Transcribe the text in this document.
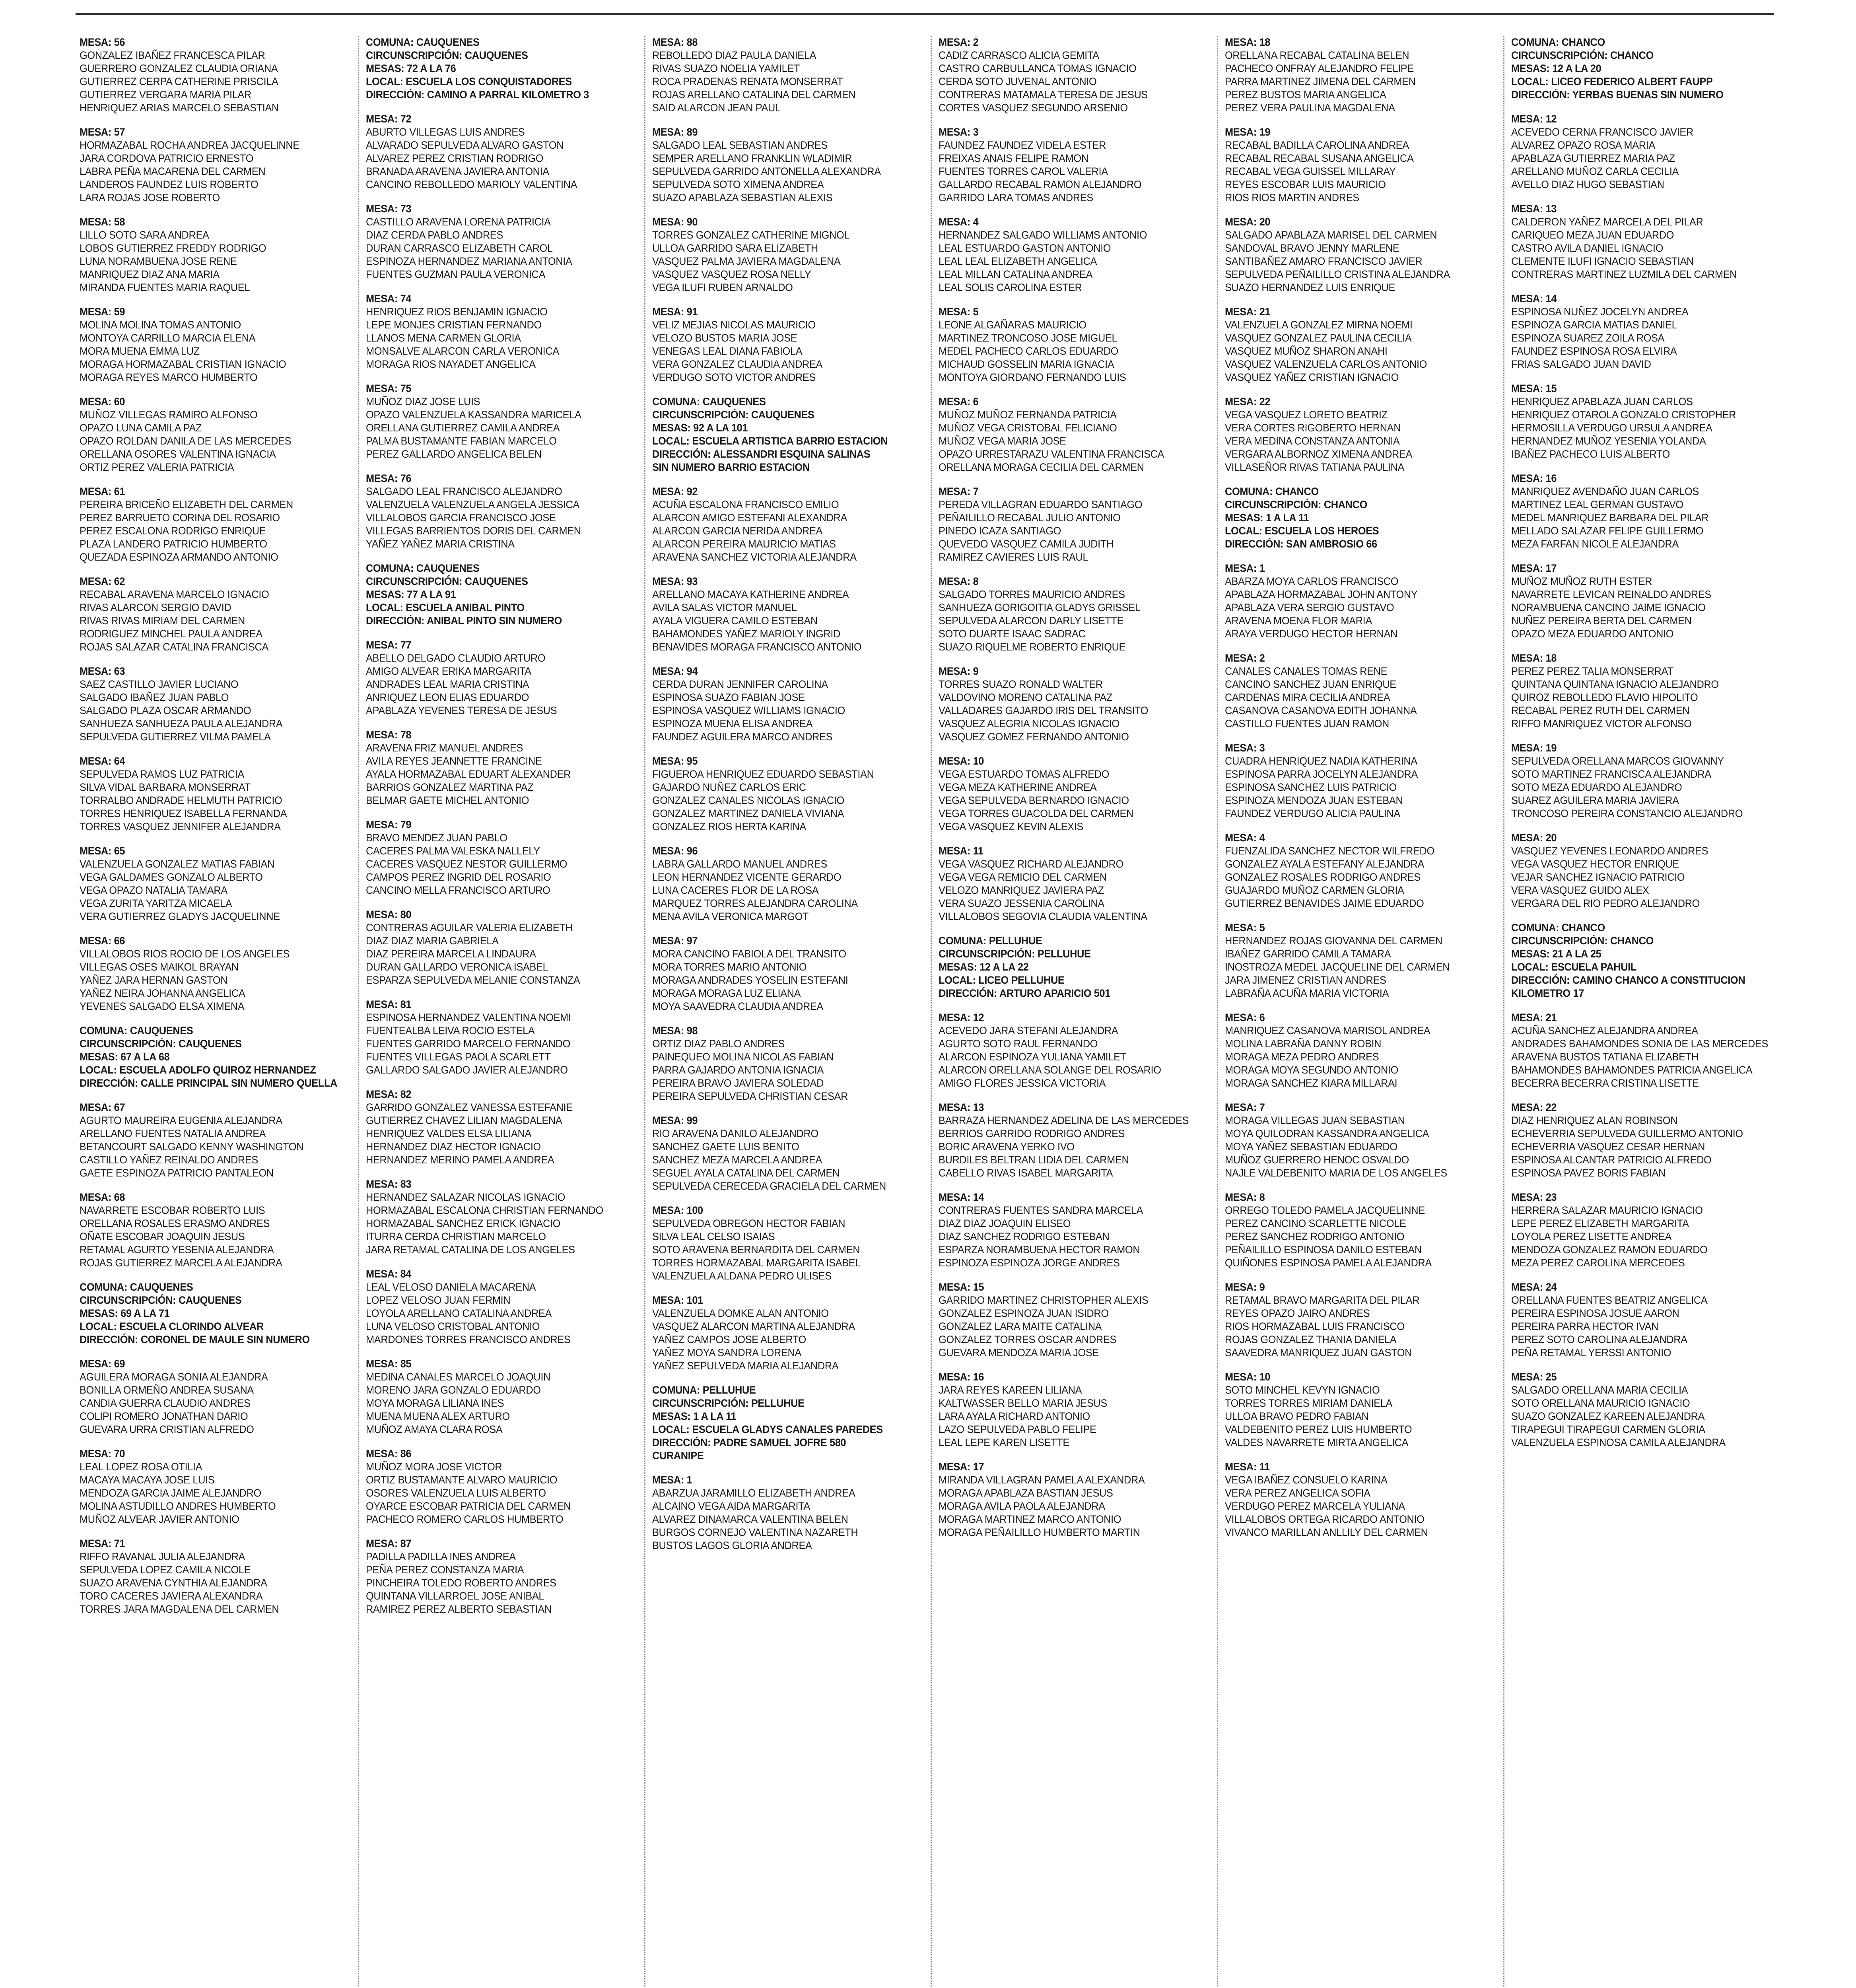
MESA: 56
GONZALEZ IBAÑEZ FRANCESCA PILAR
GUERRERO GONZALEZ CLAUDIA ORIANA
GUTIERREZ CERPA CATHERINE PRISCILA
GUTIERREZ VERGARA MARIA PILAR
HENRIQUEZ ARIAS MARCELO SEBASTIAN
MESA: 57
HORMAZABAL ROCHA ANDREA JACQUELINNE
JARA CORDOVA PATRICIO ERNESTO
LABRA PEÑA MACARENA DEL CARMEN
LANDEROS FAUNDEZ LUIS ROBERTO
LARA ROJAS JOSE ROBERTO
MESA: 58
LILLO SOTO SARA ANDREA
LOBOS GUTIERREZ FREDDY RODRIGO
LUNA NORAMBUENA JOSE RENE
MANRIQUEZ DIAZ ANA MARIA
MIRANDA FUENTES MARIA RAQUEL
MESA: 59
MOLINA MOLINA TOMAS ANTONIO
MONTOYA CARRILLO MARCIA ELENA
MORA MUENA EMMA LUZ
MORAGA HORMAZABAL CRISTIAN IGNACIO
MORAGA REYES MARCO HUMBERTO
MESA: 60
MUÑOZ VILLEGAS RAMIRO ALFONSO
OPAZO LUNA CAMILA PAZ
OPAZO ROLDAN DANILA DE LAS MERCEDES
ORELLANA OSORES VALENTINA IGNACIA
ORTIZ PEREZ VALERIA PATRICIA
MESA: 61
PEREIRA BRICEÑO ELIZABETH DEL CARMEN
PEREZ BARRUETO CORINA DEL ROSARIO
PEREZ ESCALONA RODRIGO ENRIQUE
PLAZA LANDERO PATRICIO HUMBERTO
QUEZADA ESPINOZA ARMANDO ANTONIO
MESA: 62
RECABAL ARAVENA MARCELO IGNACIO
RIVAS ALARCON SERGIO DAVID
RIVAS RIVAS MIRIAM DEL CARMEN
RODRIGUEZ MINCHEL PAULA ANDREA
ROJAS SALAZAR CATALINA FRANCISCA
MESA: 63
SAEZ CASTILLO JAVIER LUCIANO
SALGADO IBAÑEZ JUAN PABLO
SALGADO PLAZA OSCAR ARMANDO
SANHUEZA SANHUEZA PAULA ALEJANDRA
SEPULVEDA GUTIERREZ VILMA PAMELA
MESA: 64
SEPULVEDA RAMOS LUZ PATRICIA
SILVA VIDAL BARBARA MONSERRAT
TORRALBO ANDRADE HELMUTH PATRICIO
TORRES HENRIQUEZ ISABELLA FERNANDA
TORRES VASQUEZ JENNIFER ALEJANDRA
MESA: 65
VALENZUELA GONZALEZ MATIAS FABIAN
VEGA GALDAMES GONZALO ALBERTO
VEGA OPAZO NATALIA TAMARA
VEGA ZURITA YARITZA MICAELA
VERA GUTIERREZ GLADYS JACQUELINNE
MESA: 66
VILLALOBOS RIOS ROCIO DE LOS ANGELES
VILLEGAS OSES MAIKOL BRAYAN
YAÑEZ JARA HERNAN GASTON
YAÑEZ NEIRA JOHANNA ANGELICA
YEVENES SALGADO ELSA XIMENA
COMUNA: CAUQUENES
CIRCUNSCRIPCIÓN: CAUQUENES
MESAS: 67 A LA 68
LOCAL: ESCUELA ADOLFO QUIROZ HERNANDEZ
DIRECCIÓN: CALLE PRINCIPAL SIN NUMERO QUELLA
MESA: 67
AGURTO MAUREIRA EUGENIA ALEJANDRA
ARELLANO FUENTES NATALIA ANDREA
BETANCOURT SALGADO KENNY WASHINGTON
CASTILLO YAÑEZ REINALDO ANDRES
GAETE ESPINOZA PATRICIO PANTALEON
MESA: 68
NAVARRETE ESCOBAR ROBERTO LUIS
ORELLANA ROSALES ERASMO ANDRES
OÑATE ESCOBAR JOAQUIN JESUS
RETAMAL AGURTO YESENIA ALEJANDRA
ROJAS GUTIERREZ MARCELA ALEJANDRA
COMUNA: CAUQUENES
CIRCUNSCRIPCIÓN: CAUQUENES
MESAS: 69 A LA 71
LOCAL: ESCUELA CLORINDO ALVEAR
DIRECCIÓN: CORONEL DE MAULE SIN NUMERO
MESA: 69
AGUILERA MORAGA SONIA ALEJANDRA
BONILLA ORMEÑO ANDREA SUSANA
CANDIA GUERRA CLAUDIO ANDRES
COLIPI ROMERO JONATHAN DARIO
GUEVARA URRA CRISTIAN ALFREDO
MESA: 70
LEAL LOPEZ ROSA OTILIA
MACAYA MACAYA JOSE LUIS
MENDOZA GARCIA JAIME ALEJANDRO
MOLINA ASTUDILLO ANDRES HUMBERTO
MUÑOZ ALVEAR JAVIER ANTONIO
MESA: 71
RIFFO RAVANAL JULIA ALEJANDRA
SEPULVEDA LOPEZ CAMILA NICOLE
SUAZO ARAVENA CYNTHIA ALEJANDRA
TORO CACERES JAVIERA ALEXANDRA
TORRES JARA MAGDALENA DEL CARMEN
COMUNA: CAUQUENES
CIRCUNSCRIPCIÓN: CAUQUENES
MESAS: 72 A LA 76
LOCAL: ESCUELA LOS CONQUISTADORES
DIRECCIÓN: CAMINO A PARRAL KILOMETRO 3
MESA: 72
ABURTO VILLEGAS LUIS ANDRES
ALVARADO SEPULVEDA ALVARO GASTON
ALVAREZ PEREZ CRISTIAN RODRIGO
BRANADA ARAVENA JAVIERA ANTONIA
CANCINO REBOLLEDO MARIOLY VALENTINA
MESA: 73
CASTILLO ARAVENA LORENA PATRICIA
DIAZ CERDA PABLO ANDRES
DURAN CARRASCO ELIZABETH CAROL
ESPINOZA HERNANDEZ MARIANA ANTONIA
FUENTES GUZMAN PAULA VERONICA
MESA: 74
HENRIQUEZ RIOS BENJAMIN IGNACIO
LEPE MONJES CRISTIAN FERNANDO
LLANOS MENA CARMEN GLORIA
MONSALVE ALARCON CARLA VERONICA
MORAGA RIOS NAYADET ANGELICA
MESA: 75
MUÑOZ DIAZ JOSE LUIS
OPAZO VALENZUELA KASSANDRA MARICELA
ORELLANA GUTIERREZ CAMILA ANDREA
PALMA BUSTAMANTE FABIAN MARCELO
PEREZ GALLARDO ANGELICA BELEN
MESA: 76
SALGADO LEAL FRANCISCO ALEJANDRO
VALENZUELA VALENZUELA ANGELA JESSICA
VILLALOBOS GARCIA FRANCISCO JOSE
VILLEGAS BARRIENTOS DORIS DEL CARMEN
YAÑEZ YAÑEZ MARIA CRISTINA
COMUNA: CAUQUENES
CIRCUNSCRIPCIÓN: CAUQUENES
MESAS: 77 A LA 91
LOCAL: ESCUELA ANIBAL PINTO
DIRECCIÓN: ANIBAL PINTO SIN NUMERO
MESA: 77
ABELLO DELGADO CLAUDIO ARTURO
AMIGO ALVEAR ERIKA MARGARITA
ANDRADES LEAL MARIA CRISTINA
ANRIQUEZ LEON ELIAS EDUARDO
APABLAZA YEVENES TERESA DE JESUS
MESA: 78
ARAVENA FRIZ MANUEL ANDRES
AVILA REYES JEANNETTE FRANCINE
AYALA HORMAZABAL EDUART ALEXANDER
BARRIOS GONZALEZ MARTINA PAZ
BELMAR GAETE MICHEL ANTONIO
MESA: 79
BRAVO MENDEZ JUAN PABLO
CACERES PALMA VALESKA NALLELY
CACERES VASQUEZ NESTOR GUILLERMO
CAMPOS PEREZ INGRID DEL ROSARIO
CANCINO MELLA FRANCISCO ARTURO
MESA: 80
CONTRERAS AGUILAR VALERIA ELIZABETH
DIAZ DIAZ MARIA GABRIELA
DIAZ PEREIRA MARCELA LINDAURA
DURAN GALLARDO VERONICA ISABEL
ESPARZA SEPULVEDA MELANIE CONSTANZA
MESA: 81
ESPINOSA HERNANDEZ VALENTINA NOEMI
FUENTEALBA LEIVA ROCIO ESTELA
FUENTES GARRIDO MARCELO FERNANDO
FUENTES VILLEGAS PAOLA SCARLETT
GALLARDO SALGADO JAVIER ALEJANDRO
MESA: 82
GARRIDO GONZALEZ VANESSA ESTEFANIE
GUTIERREZ CHAVEZ LILIAN MAGDALENA
HENRIQUEZ VALDES ELSA LILIANA
HERNANDEZ DIAZ HECTOR IGNACIO
HERNANDEZ MERINO PAMELA ANDREA
MESA: 83
HERNANDEZ SALAZAR NICOLAS IGNACIO
HORMAZABAL ESCALONA CHRISTIAN FERNANDO
HORMAZABAL SANCHEZ ERICK IGNACIO
ITURRA CERDA CHRISTIAN MARCELO
JARA RETAMAL CATALINA DE LOS ANGELES
MESA: 84
LEAL VELOSO DANIELA MACARENA
LOPEZ VELOSO JUAN FERMIN
LOYOLA ARELLANO CATALINA ANDREA
LUNA VELOSO CRISTOBAL ANTONIO
MARDONES TORRES FRANCISCO ANDRES
MESA: 85
MEDINA CANALES MARCELO JOAQUIN
MORENO JARA GONZALO EDUARDO
MOYA MORAGA LILIANA INES
MUENA MUENA ALEX ARTURO
MUÑOZ AMAYA CLARA ROSA
MESA: 86
MUÑOZ MORA JOSE VICTOR
ORTIZ BUSTAMANTE ALVARO MAURICIO
OSORES VALENZUELA LUIS ALBERTO
OYARCE ESCOBAR PATRICIA DEL CARMEN
PACHECO ROMERO CARLOS HUMBERTO
MESA: 87
PADILLA PADILLA INES ANDREA
PEÑA PEREZ CONSTANZA MARIA
PINCHEIRA TOLEDO ROBERTO ANDRES
QUINTANA VILLARROEL JOSE ANIBAL
RAMIREZ PEREZ ALBERTO SEBASTIAN
MESA: 88
REBOLLEDO DIAZ PAULA DANIELA
RIVAS SUAZO NOELIA YAMILET
ROCA PRADENAS RENATA MONSERRAT
ROJAS ARELLANO CATALINA DEL CARMEN
SAID ALARCON JEAN PAUL
MESA: 89
SALGADO LEAL SEBASTIAN ANDRES
SEMPER ARELLANO FRANKLIN WLADIMIR
SEPULVEDA GARRIDO ANTONELLA ALEXANDRA
SEPULVEDA SOTO XIMENA ANDREA
SUAZO APABLAZA SEBASTIAN ALEXIS
MESA: 90
TORRES GONZALEZ CATHERINE MIGNOL
ULLOA GARRIDO SARA ELIZABETH
VASQUEZ PALMA JAVIERA MAGDALENA
VASQUEZ VASQUEZ ROSA NELLY
VEGA ILUFI RUBEN ARNALDO
MESA: 91
VELIZ MEJIAS NICOLAS MAURICIO
VELOZO BUSTOS MARIA JOSE
VENEGAS LEAL DIANA FABIOLA
VERA GONZALEZ CLAUDIA ANDREA
VERDUGO SOTO VICTOR ANDRES
COMUNA: CAUQUENES
CIRCUNSCRIPCIÓN: CAUQUENES
MESAS: 92 A LA 101
LOCAL: ESCUELA ARTISTICA BARRIO ESTACION
DIRECCIÓN: ALESSANDRI ESQUINA SALINAS
SIN NUMERO BARRIO ESTACION
MESA: 92
ACUÑA ESCALONA FRANCISCO EMILIO
ALARCON AMIGO ESTEFANI ALEXANDRA
ALARCON GARCIA NERIDA ANDREA
ALARCON PEREIRA MAURICIO MATIAS
ARAVENA SANCHEZ VICTORIA ALEJANDRA
MESA: 93
ARELLANO MACAYA KATHERINE ANDREA
AVILA SALAS VICTOR MANUEL
AYALA VIGUERA CAMILO ESTEBAN
BAHAMONDES YAÑEZ MARIOLY INGRID
BENAVIDES MORAGA FRANCISCO ANTONIO
MESA: 94
CERDA DURAN JENNIFER CAROLINA
ESPINOSA SUAZO FABIAN JOSE
ESPINOSA VASQUEZ WILLIAMS IGNACIO
ESPINOZA MUENA ELISA ANDREA
FAUNDEZ AGUILERA MARCO ANDRES
MESA: 95
FIGUEROA HENRIQUEZ EDUARDO SEBASTIAN
GAJARDO NUÑEZ CARLOS ERIC
GONZALEZ CANALES NICOLAS IGNACIO
GONZALEZ MARTINEZ DANIELA VIVIANA
GONZALEZ RIOS HERTA KARINA
MESA: 96
LABRA GALLARDO MANUEL ANDRES
LEON HERNANDEZ VICENTE GERARDO
LUNA CACERES FLOR DE LA ROSA
MARQUEZ TORRES ALEJANDRA CAROLINA
MENA AVILA VERONICA MARGOT
MESA: 97
MORA CANCINO FABIOLA DEL TRANSITO
MORA TORRES MARIO ANTONIO
MORAGA ANDRADES YOSELIN ESTEFANI
MORAGA MORAGA LUZ ELIANA
MOYA SAAVEDRA CLAUDIA ANDREA
MESA: 98
ORTIZ DIAZ PABLO ANDRES
PAINEQUEO MOLINA NICOLAS FABIAN
PARRA GAJARDO ANTONIA IGNACIA
PEREIRA BRAVO JAVIERA SOLEDAD
PEREIRA SEPULVEDA CHRISTIAN CESAR
MESA: 99
RIO ARAVENA DANILO ALEJANDRO
SANCHEZ GAETE LUIS BENITO
SANCHEZ MEZA MARCELA ANDREA
SEGUEL AYALA CATALINA DEL CARMEN
SEPULVEDA CERECEDA GRACIELA DEL CARMEN
MESA: 100
SEPULVEDA OBREGON HECTOR FABIAN
SILVA LEAL CELSO ISAIAS
SOTO ARAVENA BERNARDITA DEL CARMEN
TORRES HORMAZABAL MARGARITA ISABEL
VALENZUELA ALDANA PEDRO ULISES
MESA: 101
VALENZUELA DOMKE ALAN ANTONIO
VASQUEZ ALARCON MARTINA ALEJANDRA
YAÑEZ CAMPOS JOSE ALBERTO
YAÑEZ MOYA SANDRA LORENA
YAÑEZ SEPULVEDA MARIA ALEJANDRA
COMUNA: PELLUHUE
CIRCUNSCRIPCIÓN: PELLUHUE
MESAS: 1 A LA 11
LOCAL: ESCUELA GLADYS CANALES PAREDES
DIRECCIÓN: PADRE SAMUEL JOFRE 580
CURANIPE
MESA: 1
ABARZUA JARAMILLO ELIZABETH ANDREA
ALCAINO VEGA AIDA MARGARITA
ALVAREZ DINAMARCA VALENTINA BELEN
BURGOS CORNEJO VALENTINA NAZARETH
BUSTOS LAGOS GLORIA ANDREA
MESA: 2
CADIZ CARRASCO ALICIA GEMITA
CASTRO CARBULLANCA TOMAS IGNACIO
CERDA SOTO JUVENAL ANTONIO
CONTRERAS MATAMALA TERESA DE JESUS
CORTES VASQUEZ SEGUNDO ARSENIO
MESA: 3
FAUNDEZ FAUNDEZ VIDELA ESTER
FREIXAS ANAIS FELIPE RAMON
FUENTES TORRES CAROL VALERIA
GALLARDO RECABAL RAMON ALEJANDRO
GARRIDO LARA TOMAS ANDRES
MESA: 4
HERNANDEZ SALGADO WILLIAMS ANTONIO
LEAL ESTUARDO GASTON ANTONIO
LEAL LEAL ELIZABETH ANGELICA
LEAL MILLAN CATALINA ANDREA
LEAL SOLIS CAROLINA ESTER
MESA: 5
LEONE ALGAÑARAS MAURICIO
MARTINEZ TRONCOSO JOSE MIGUEL
MEDEL PACHECO CARLOS EDUARDO
MICHAUD GOSSELIN MARIA IGNACIA
MONTOYA GIORDANO FERNANDO LUIS
MESA: 6
MUÑOZ MUÑOZ FERNANDA PATRICIA
MUÑOZ VEGA CRISTOBAL FELICIANO
MUÑOZ VEGA MARIA JOSE
OPAZO URRESTARAZU VALENTINA FRANCISCA
ORELLANA MORAGA CECILIA DEL CARMEN
MESA: 7
PEREDA VILLAGRAN EDUARDO SANTIAGO
PEÑAILILLO RECABAL JULIO ANTONIO
PINEDO ICAZA SANTIAGO
QUEVEDO VASQUEZ CAMILA JUDITH
RAMIREZ CAVIERES LUIS RAUL
MESA: 8
SALGADO TORRES MAURICIO ANDRES
SANHUEZA GORIGOITIA GLADYS GRISSEL
SEPULVEDA ALARCON DARLY LISETTE
SOTO DUARTE ISAAC SADRAC
SUAZO RIQUELME ROBERTO ENRIQUE
MESA: 9
TORRES SUAZO RONALD WALTER
VALDOVINO MORENO CATALINA PAZ
VALLADARES GAJARDO IRIS DEL TRANSITO
VASQUEZ ALEGRIA NICOLAS IGNACIO
VASQUEZ GOMEZ FERNANDO ANTONIO
MESA: 10
VEGA ESTUARDO TOMAS ALFREDO
VEGA MEZA KATHERINE ANDREA
VEGA SEPULVEDA BERNARDO IGNACIO
VEGA TORRES GUACOLDA DEL CARMEN
VEGA VASQUEZ KEVIN ALEXIS
MESA: 11
VEGA VASQUEZ RICHARD ALEJANDRO
VEGA VEGA REMICIO DEL CARMEN
VELOZO MANRIQUEZ JAVIERA PAZ
VERA SUAZO JESSENIA CAROLINA
VILLALOBOS SEGOVIA CLAUDIA VALENTINA
COMUNA: PELLUHUE
CIRCUNSCRIPCIÓN: PELLUHUE
MESAS: 12 A LA 22
LOCAL: LICEO PELLUHUE
DIRECCIÓN: ARTURO APARICIO 501
MESA: 12
ACEVEDO JARA STEFANI ALEJANDRA
AGURTO SOTO RAUL FERNANDO
ALARCON ESPINOZA YULIANA YAMILET
ALARCON ORELLANA SOLANGE DEL ROSARIO
AMIGO FLORES JESSICA VICTORIA
MESA: 13
BARRAZA HERNANDEZ ADELINA DE LAS MERCEDES
BERRIOS GARRIDO RODRIGO ANDRES
BORIC ARAVENA YERKO IVO
BURDILES BELTRAN LIDIA DEL CARMEN
CABELLO RIVAS ISABEL MARGARITA
MESA: 14
CONTRERAS FUENTES SANDRA MARCELA
DIAZ DIAZ JOAQUIN ELISEO
DIAZ SANCHEZ RODRIGO ESTEBAN
ESPARZA NORAMBUENA HECTOR RAMON
ESPINOZA ESPINOZA JORGE ANDRES
MESA: 15
GARRIDO MARTINEZ CHRISTOPHER ALEXIS
GONZALEZ ESPINOZA JUAN ISIDRO
GONZALEZ LARA MAITE CATALINA
GONZALEZ TORRES OSCAR ANDRES
GUEVARA MENDOZA MARIA JOSE
MESA: 16
JARA REYES KAREEN LILIANA
KALTWASSER BELLO MARIA JESUS
LARA AYALA RICHARD ANTONIO
LAZO SEPULVEDA PABLO FELIPE
LEAL LEPE KAREN LISETTE
MESA: 17
MIRANDA VILLAGRAN PAMELA ALEXANDRA
MORAGA APABLAZA BASTIAN JESUS
MORAGA AVILA PAOLA ALEJANDRA
MORAGA MARTINEZ MARCO ANTONIO
MORAGA PEÑAILILLO HUMBERTO MARTIN
MESA: 18
ORELLANA RECABAL CATALINA BELEN
PACHECO ONFRAY ALEJANDRO FELIPE
PARRA MARTINEZ JIMENA DEL CARMEN
PEREZ BUSTOS MARIA ANGELICA
PEREZ VERA PAULINA MAGDALENA
MESA: 19
RECABAL BADILLA CAROLINA ANDREA
RECABAL RECABAL SUSANA ANGELICA
RECABAL VEGA GUISSEL MILLARAY
REYES ESCOBAR LUIS MAURICIO
RIOS RIOS MARTIN ANDRES
MESA: 20
SALGADO APABLAZA MARISEL DEL CARMEN
SANDOVAL BRAVO JENNY MARLENE
SANTIBAÑEZ AMARO FRANCISCO JAVIER
SEPULVEDA PEÑAILILLO CRISTINA ALEJANDRA
SUAZO HERNANDEZ LUIS ENRIQUE
MESA: 21
VALENZUELA GONZALEZ MIRNA NOEMI
VASQUEZ GONZALEZ PAULINA CECILIA
VASQUEZ MUÑOZ SHARON ANAHI
VASQUEZ VALENZUELA CARLOS ANTONIO
VASQUEZ YAÑEZ CRISTIAN IGNACIO
MESA: 22
VEGA VASQUEZ LORETO BEATRIZ
VERA CORTES RIGOBERTO HERNAN
VERA MEDINA CONSTANZA ANTONIA
VERGARA ALBORNOZ XIMENA ANDREA
VILLASEÑOR RIVAS TATIANA PAULINA
COMUNA: CHANCO
CIRCUNSCRIPCIÓN: CHANCO
MESAS: 1 A LA 11
LOCAL: ESCUELA LOS HEROES
DIRECCIÓN: SAN AMBROSIO 66
MESA: 1
ABARZA MOYA CARLOS FRANCISCO
APABLAZA HORMAZABAL JOHN ANTONY
APABLAZA VERA SERGIO GUSTAVO
ARAVENA MOENA FLOR MARIA
ARAYA VERDUGO HECTOR HERNAN
MESA: 2
CANALES CANALES TOMAS RENE
CANCINO SANCHEZ JUAN ENRIQUE
CARDENAS MIRA CECILIA ANDREA
CASANOVA CASANOVA EDITH JOHANNA
CASTILLO FUENTES JUAN RAMON
MESA: 3
CUADRA HENRIQUEZ NADIA KATHERINA
ESPINOSA PARRA JOCELYN ALEJANDRA
ESPINOSA SANCHEZ LUIS PATRICIO
ESPINOZA MENDOZA JUAN ESTEBAN
FAUNDEZ VERDUGO ALICIA PAULINA
MESA: 4
FUENZALIDA SANCHEZ NECTOR WILFREDO
GONZALEZ AYALA ESTEFANY ALEJANDRA
GONZALEZ ROSALES RODRIGO ANDRES
GUAJARDO MUÑOZ CARMEN GLORIA
GUTIERREZ BENAVIDES JAIME EDUARDO
MESA: 5
HERNANDEZ ROJAS GIOVANNA DEL CARMEN
IBAÑEZ GARRIDO CAMILA TAMARA
INOSTROZA MEDEL JACQUELINE DEL CARMEN
JARA JIMENEZ CRISTIAN ANDRES
LABRAÑA ACUÑA MARIA VICTORIA
MESA: 6
MANRIQUEZ CASANOVA MARISOL ANDREA
MOLINA LABRAÑA DANNY ROBIN
MORAGA MEZA PEDRO ANDRES
MORAGA MOYA SEGUNDO ANTONIO
MORAGA SANCHEZ KIARA MILLARAI
MESA: 7
MORAGA VILLEGAS JUAN SEBASTIAN
MOYA QUILODRAN KASSANDRA ANGELICA
MOYA YAÑEZ SEBASTIAN EDUARDO
MUÑOZ GUERRERO HENOC OSVALDO
NAJLE VALDEBENITO MARIA DE LOS ANGELES
MESA: 8
ORREGO TOLEDO PAMELA JACQUELINNE
PEREZ CANCINO SCARLETTE NICOLE
PEREZ SANCHEZ RODRIGO ANTONIO
PEÑAILILLO ESPINOSA DANILO ESTEBAN
QUIÑONES ESPINOSA PAMELA ALEJANDRA
MESA: 9
RETAMAL BRAVO MARGARITA DEL PILAR
REYES OPAZO JAIRO ANDRES
RIOS HORMAZABAL LUIS FRANCISCO
ROJAS GONZALEZ THANIA DANIELA
SAAVEDRA MANRIQUEZ JUAN GASTON
MESA: 10
SOTO MINCHEL KEVYN IGNACIO
TORRES TORRES MIRIAM DANIELA
ULLOA BRAVO PEDRO FABIAN
VALDEBENITO PEREZ LUIS HUMBERTO
VALDES NAVARRETE MIRTA ANGELICA
MESA: 11
VEGA IBAÑEZ CONSUELO KARINA
VERA PEREZ ANGELICA SOFIA
VERDUGO PEREZ MARCELA YULIANA
VILLALOBOS ORTEGA RICARDO ANTONIO
VIVANCO MARILLAN ANLLILY DEL CARMEN
COMUNA: CHANCO
CIRCUNSCRIPCIÓN: CHANCO
MESAS: 12 A LA 20
LOCAL: LICEO FEDERICO ALBERT FAUPP
DIRECCIÓN: YERBAS BUENAS SIN NUMERO
MESA: 12
ACEVEDO CERNA FRANCISCO JAVIER
ALVAREZ OPAZO ROSA MARIA
APABLAZA GUTIERREZ MARIA PAZ
ARELLANO MUÑOZ CARLA CECILIA
AVELLO DIAZ HUGO SEBASTIAN
MESA: 13
CALDERON YAÑEZ MARCELA DEL PILAR
CARIQUEO MEZA JUAN EDUARDO
CASTRO AVILA DANIEL IGNACIO
CLEMENTE ILUFI IGNACIO SEBASTIAN
CONTRERAS MARTINEZ LUZMILA DEL CARMEN
MESA: 14
ESPINOSA NUÑEZ JOCELYN ANDREA
ESPINOZA GARCIA MATIAS DANIEL
ESPINOZA SUAREZ ZOILA ROSA
FAUNDEZ ESPINOSA ROSA ELVIRA
FRIAS SALGADO JUAN DAVID
MESA: 15
HENRIQUEZ APABLAZA JUAN CARLOS
HENRIQUEZ OTAROLA GONZALO CRISTOPHER
HERMOSILLA VERDUGO URSULA ANDREA
HERNANDEZ MUÑOZ YESENIA YOLANDA
IBAÑEZ PACHECO LUIS ALBERTO
MESA: 16
MANRIQUEZ AVENDAÑO JUAN CARLOS
MARTINEZ LEAL GERMAN GUSTAVO
MEDEL MANRIQUEZ BARBARA DEL PILAR
MELLADO SALAZAR FELIPE GUILLERMO
MEZA FARFAN NICOLE ALEJANDRA
MESA: 17
MUÑOZ MUÑOZ RUTH ESTER
NAVARRETE LEVICAN REINALDO ANDRES
NORAMBUENA CANCINO JAIME IGNACIO
NUÑEZ PEREIRA BERTA DEL CARMEN
OPAZO MEZA EDUARDO ANTONIO
MESA: 18
PEREZ PEREZ TALIA MONSERRAT
QUINTANA QUINTANA IGNACIO ALEJANDRO
QUIROZ REBOLLEDO FLAVIO HIPOLITO
RECABAL PEREZ RUTH DEL CARMEN
RIFFO MANRIQUEZ VICTOR ALFONSO
MESA: 19
SEPULVEDA ORELLANA MARCOS GIOVANNY
SOTO MARTINEZ FRANCISCA ALEJANDRA
SOTO MEZA EDUARDO ALEJANDRO
SUAREZ AGUILERA MARIA JAVIERA
TRONCOSO PEREIRA CONSTANCIO ALEJANDRO
MESA: 20
VASQUEZ YEVENES LEONARDO ANDRES
VEGA VASQUEZ HECTOR ENRIQUE
VEJAR SANCHEZ IGNACIO PATRICIO
VERA VASQUEZ GUIDO ALEX
VERGARA DEL RIO PEDRO ALEJANDRO
COMUNA: CHANCO
CIRCUNSCRIPCIÓN: CHANCO
MESAS: 21 A LA 25
LOCAL: ESCUELA PAHUIL
DIRECCIÓN: CAMINO CHANCO A CONSTITUCION
KILOMETRO 17
MESA: 21
ACUÑA SANCHEZ ALEJANDRA ANDREA
ANDRADES BAHAMONDES SONIA DE LAS MERCEDES
ARAVENA BUSTOS TATIANA ELIZABETH
BAHAMONDES BAHAMONDES PATRICIA ANGELICA
BECERRA BECERRA CRISTINA LISETTE
MESA: 22
DIAZ HENRIQUEZ ALAN ROBINSON
ECHEVERRIA SEPULVEDA GUILLERMO ANTONIO
ECHEVERRIA VASQUEZ CESAR HERNAN
ESPINOSA ALCANTAR PATRICIO ALFREDO
ESPINOSA PAVEZ BORIS FABIAN
MESA: 23
HERRERA SALAZAR MAURICIO IGNACIO
LEPE PEREZ ELIZABETH MARGARITA
LOYOLA PEREZ LISETTE ANDREA
MENDOZA GONZALEZ RAMON EDUARDO
MEZA PEREZ CAROLINA MERCEDES
MESA: 24
ORELLANA FUENTES BEATRIZ ANGELICA
PEREIRA ESPINOSA JOSUE AARON
PEREIRA PARRA HECTOR IVAN
PEREZ SOTO CAROLINA ALEJANDRA
PEÑA RETAMAL YERSSI ANTONIO
MESA: 25
SALGADO ORELLANA MARIA CECILIA
SOTO ORELLANA MAURICIO IGNACIO
SUAZO GONZALEZ KAREEN ALEJANDRA
TIRAPEGUI TIRAPEGUI CARMEN GLORIA
VALENZUELA ESPINOSA CAMILA ALEJANDRA
